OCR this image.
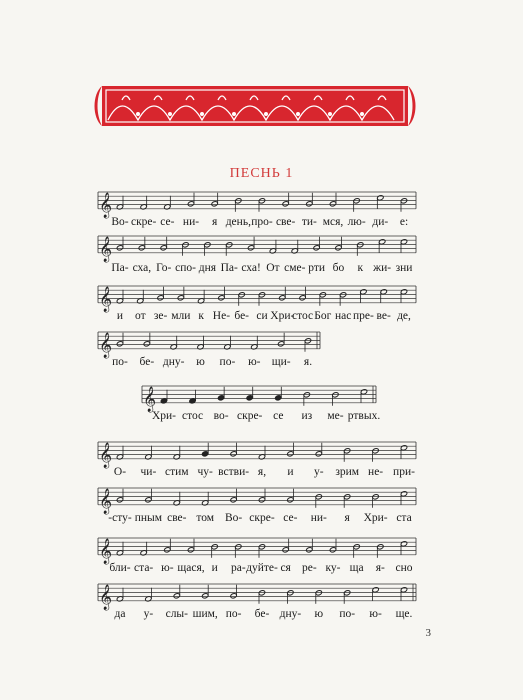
ПЕСНЬ 1
𝄞
Во- скре- се- ни- я день, про- све- ти- мся, лю- ди- е:
𝄞
Па- сха, Го- спо- дня Па- сха! От сме- рти бо к жи- зни
𝄞
и от зе- мли к Не- бе- си Хри-
стос Бог нас пре- ве- де,
𝄞
по- бе- дну- ю по- ю- щи- я.
𝄞
Хри- стос во- скре- се из ме- ртвых.
𝄞
О- чи- стим чу- встви- я, и у- зрим не- при-
𝄞
-сту- пным све- том Во- скре- се- ни- я Хри- ста
𝄞
бли- ста- ю- щася, и ра- дуйте- ся ре- ку- ща я- сно
𝄞
да у- слы- шим, по- бе- дну- ю по- ю- ще.
3
